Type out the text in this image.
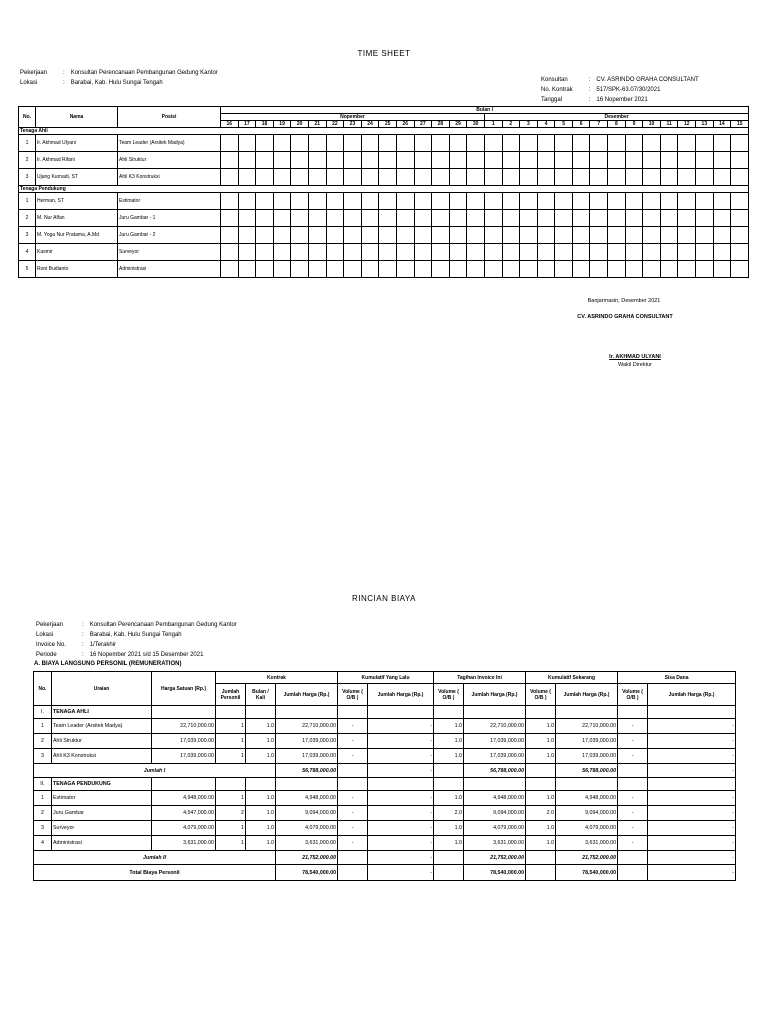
TIME SHEET
Pekerjaan	:	Konsultan Perencanaan Pembangunan Gedung Kantor
Lokasi	:	Barabai, Kab. Hulu Sungai Tengah	Konsultan	:	CV. ASRINDO GRAHA CONSULTANT
No. Kontrak	:	517/SPK-63.07/30/2021
Tanggal	:	16 Nopember 2021
No.	Nama	Posisi	Bulan I																													
			Nopember															Desember														
			16	17	18	19	20	21	22	23	24	25	26	27	28	29	30	1	2	3	4	5	6	7	8	9	10	11	12	13	14	15
Tenaga Ahli																																
1	Ir. Akhmad Ulyani	Team Leader (Arsitek Madya)																														
2	Ir. Akhmad Rifani	Ahli Struktur																														
3	Ujang Kurnadi, ST	Ahli K3 Konstruksi																														
Tenaga Pendukung																																
1	Herman, ST	Estimator																														
2	M. Nur Alfan	Juru Gambar - 1																														
3	M. Yoga Nur Pratama, A.Md	Juru Gambar - 2																														
4	Kasmir	Surveyor																														
5	Roni Budianto	Administrasi																														
Banjarmasin, Desember 2021
CV. ASRINDO GRAHA CONSULTANT
Ir. AKHMAD ULYANI
Wakil Direktur
RINCIAN BIAYA
Pekerjaan	:	Konsultan Perencanaan Pembangunan Gedung Kantor
Lokasi	:	Barabai, Kab. Hulu Sungai Tengah
Invoice No.	:	1/Terakhir
Periode	:	16 Nopember 2021 s/d 15 Desember 2021
A. BIAYA LANGSUNG PERSONIL (REMUNERATION)
No.	Uraian	Harga Satuan (Rp.)	Kontrak			Kumulatif Yang Lalu		Tagihan Invoice Ini		Kumulatif Sekarang		Sisa Dana	
			Jumlah Personil	Bulan / Kali	Jumlah Harga (Rp.)	Volume ( O/B )	Jumlah Harga (Rp.)	Volume ( O/B )	Jumlah Harga (Rp.)	Volume ( O/B )	Jumlah Harga (Rp.)	Volume ( O/B )	Jumlah Harga (Rp.)
I.	TENAGA AHLI												
1	Team Leader (Arsitek Madya)	22,710,000.00	1	1.0	22,710,000.00	-	-	1.0	22,710,000.00	1.0	22,710,000.00	-	-
2	Ahli Struktur	17,039,000.00	1	1.0	17,039,000.00	-	-	1.0	17,039,000.00	1.0	17,039,000.00	-	-
3	Ahli K3 Konstruksi	17,039,000.00	1	1.0	17,039,000.00	-	-	1.0	17,039,000.00	1.0	17,039,000.00	-	-
Jumlah I					56,788,000.00		-		56,788,000.00		56,788,000.00		-
II.	TENAGA PENDUKUNG												
1	Estimator	4,948,000.00	1	1.0	4,948,000.00	-	-	1.0	4,948,000.00	1.0	4,948,000.00	-	-
2	Juru Gambar	4,547,000.00	2	1.0	9,094,000.00	-	-	2.0	9,094,000.00	2.0	9,094,000.00	-	-
3	Surveyor	4,079,000.00	1	1.0	4,079,000.00	-	-	1.0	4,079,000.00	1.0	4,079,000.00	-	-
4	Administrasi	3,631,000.00	1	1.0	3,631,000.00	-	-	1.0	3,631,000.00	1.0	3,631,000.00	-	-
Jumlah II					21,752,000.00		-		21,752,000.00		21,752,000.00		-
Total Biaya Personil					78,540,000.00		-		78,540,000.00		78,540,000.00		-
